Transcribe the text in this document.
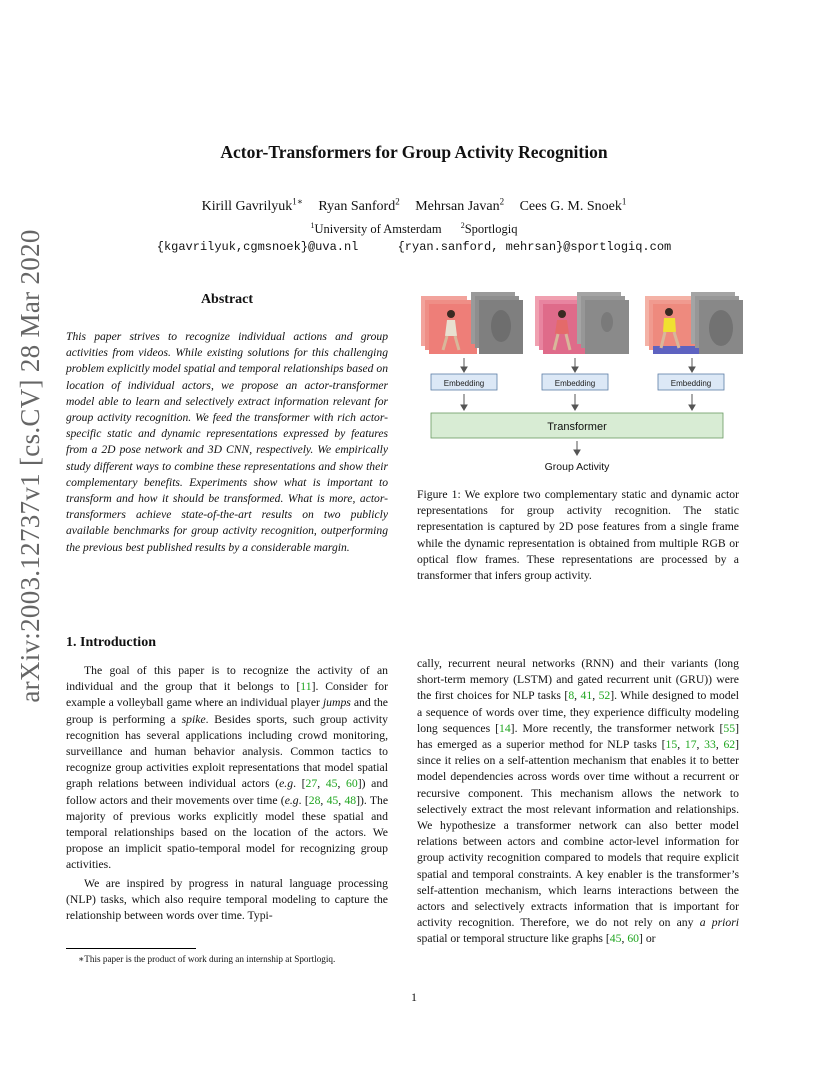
Actor-Transformers for Group Activity Recognition
Kirill Gavrilyuk$^{1∗}$ Ryan Sanford$^2$ Mehrsan Javan$^2$ Cees G. M. Snoek$^1$
$^1$University of Amsterdam $^2$Sportlogiq
{kgavrilyuk,cgmsnoek}@uva.nl	{ryan.sanford, mehrsan}@sportlogiq.com
arXiv:2003.12737v1 [cs.CV] 28 Mar 2020	Abstract
This paper strives to recognize individual actions and group activities from videos. While existing solutions for this challenging problem explicitly model spatial and temporal relationships based on location of individual actors, we propose an actor-transformer model able to learn and selectively extract information relevant for group activity recognition. We feed the transformer with rich actor-specific static and dynamic representations expressed by features from a 2D pose network and 3D CNN, respectively. We empirically study different ways to combine these representations and show their complementary benefits. Experiments show what is important to transform and how it should be transformed. What is more, actor-transformers achieve state-of-the-art results on two publicly available benchmarks for group activity recognition, outperforming the previous best published results by a considerable margin.
Embedding	Embedding	Embedding
Transformer
Group Activity
Figure 1: We explore two complementary static and dynamic actor representations for group activity recognition. The static representation is captured by 2D pose features from a single frame while the dynamic representation is obtained from multiple RGB or optical flow frames. These representations are processed by a transformer that infers group activity.
1. Introduction

The goal of this paper is to recognize the activity of an individual and the group that it belongs to [11]. Consider for example a volleyball game where an individual player jumps and the group is performing a spike. Besides sports, such group activity recognition has several applications including crowd monitoring, surveillance and human behavior analysis. Common tactics to recognize group activities exploit representations that model spatial graph relations between individual actors (e.g. [27, 45, 60]) and follow actors and their movements over time (e.g. [28, 45, 48]). The majority of previous works explicitly model these spatial and temporal relationships based on the location of the actors. We propose an implicit spatio-temporal model for recognizing group activities.

We are inspired by progress in natural language processing (NLP) tasks, which also require temporal modeling to capture the relationship between words over time. Typi-

cally, recurrent neural networks (RNN) and their variants (long short-term memory (LSTM) and gated recurrent unit (GRU)) were the first choices for NLP tasks [8, 41, 52]. While designed to model a sequence of words over time, they experience difficulty modeling long sequences [14]. More recently, the transformer network [55] has emerged as a superior method for NLP tasks [15, 17, 33, 62] since it relies on a self-attention mechanism that enables it to better model dependencies across words over time without a recurrent or recursive component. This mechanism allows the network to selectively extract the most relevant information and relationships. We hypothesize a transformer network can also better model relations between actors and combine actor-level information for group activity recognition compared to models that require explicit spatial and temporal constraints. A key enabler is the transformer’s self-attention mechanism, which learns interactions between the actors and selectively extracts information that is important for activity recognition. Therefore, we do not rely on any a priori spatial or temporal structure like graphs [45, 60] or

∗This paper is the product of work during an internship at Sportlogiq.
1
